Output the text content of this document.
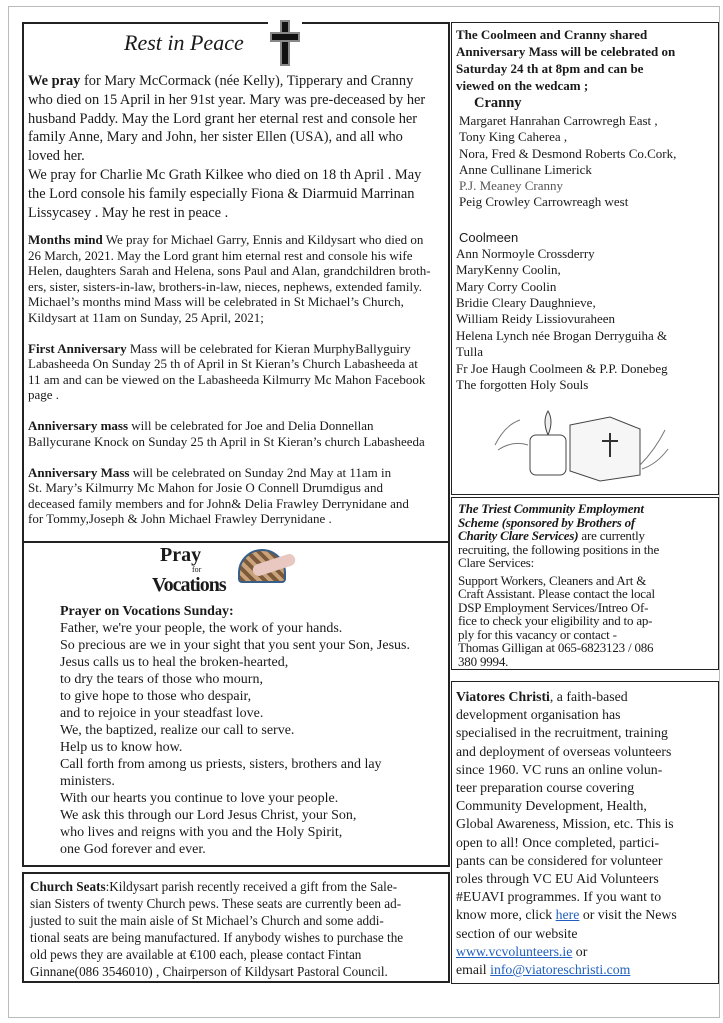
Rest in Peace
We pray for Mary McCormack (née Kelly), Tipperary and Cranny
who died on 15 April in her 91st year. Mary was pre-deceased by her
husband Paddy. May the Lord grant her eternal rest and console her
family Anne, Mary and John, her sister Ellen (USA), and all who
loved her.
We pray for Charlie Mc Grath Kilkee who died on 18 th April . May
the Lord console his family especially Fiona & Diarmuid Marrinan
Lissycasey . May he rest in peace .
Months mind We pray for Michael Garry, Ennis and Kildysart who died on
26 March, 2021. May the Lord grant him eternal rest and console his wife
Helen, daughters Sarah and Helena, sons Paul and Alan, grandchildren broth-
ers, sister, sisters-in-law, brothers-in-law, nieces, nephews, extended family.
Michael’s months mind Mass will be celebrated in St Michael’s Church,
Kildysart at 11am on Sunday, 25 April, 2021;
First Anniversary Mass will be celebrated for Kieran MurphyBallyguiry
Labasheeda On Sunday 25 th of April in St Kieran’s Church Labasheeda at
11 am and can be viewed on the Labasheeda Kilmurry Mc Mahon Facebook
page .
Anniversary mass will be celebrated for Joe and Delia Donnellan
Ballycurane Knock on Sunday 25 th April in St Kieran’s church Labasheeda
Anniversary Mass will be celebrated on Sunday 2nd May at 11am in
St. Mary’s Kilmurry Mc Mahon for Josie O Connell Drumdigus and
deceased family members and for John& Delia Frawley Derrynidane and
for Tommy,Joseph & John Michael Frawley Derrynidane .
Pray
for
Vocations
Prayer on Vocations Sunday:
Father, we're your people, the work of your hands.
So precious are we in your sight that you sent your Son, Jesus.
Jesus calls us to heal the broken-hearted,
to dry the tears of those who mourn,
to give hope to those who despair,
and to rejoice in your steadfast love.
We, the baptized, realize our call to serve.
Help us to know how.
Call forth from among us priests, sisters, brothers and lay
ministers.
With our hearts you continue to love your people.
We ask this through our Lord Jesus Christ, your Son,
who lives and reigns with you and the Holy Spirit,
one God forever and ever.
Church Seats:Kildysart parish recently received a gift from the Sale-
sian Sisters of twenty Church pews. These seats are currently been ad-
justed to suit the main aisle of St Michael’s Church and some addi-
tional seats are being manufactured. If anybody wishes to purchase the
old pews they are available at €100 each, please contact Fintan
Ginnane(086 3546010) , Chairperson of Kildysart Pastoral Council.
The Coolmeen and Cranny shared
Anniversary Mass will be celebrated on
Saturday 24 th at 8pm and can be
viewed on the wedcam ;
Cranny
Margaret Hanrahan Carrowregh East ,
Tony King Caherea ,
Nora, Fred & Desmond Roberts Co.Cork,
Anne Cullinane Limerick
P.J. Meaney Cranny
Peig Crowley Carrowreagh west
Coolmeen
Ann Normoyle Crossderry
MaryKenny Coolin,
Mary Corry Coolin
Bridie Cleary Daughnieve,
William Reidy Lissiovuraheen
Helena Lynch née Brogan Derryguiha &
Tulla
Fr Joe Haugh Coolmeen & P.P. Donebeg
The forgotten Holy Souls
The Triest Community Employment
Scheme (sponsored by Brothers of
Charity Clare Services) are currently
recruiting, the following positions in the
Clare Services:
Support Workers, Cleaners and Art &
Craft Assistant. Please contact the local
DSP Employment Services/Intreo Of-
fice to check your eligibility and to ap-
ply for this vacancy or contact -
Thomas Gilligan at 065-6823123 / 086
380 9994.
Viatores Christi, a faith-based
development organisation has
specialised in the recruitment, training
and deployment of overseas volunteers
since 1960. VC runs an online volun-
teer preparation course covering
Community Development, Health,
Global Awareness, Mission, etc. This is
open to all! Once completed, partici-
pants can be considered for volunteer
roles through VC EU Aid Volunteers
#EUAVI programmes. If you want to
know more, click here or visit the News
section of our website
www.vcvolunteers.ie or
email info@viatoreschristi.com
